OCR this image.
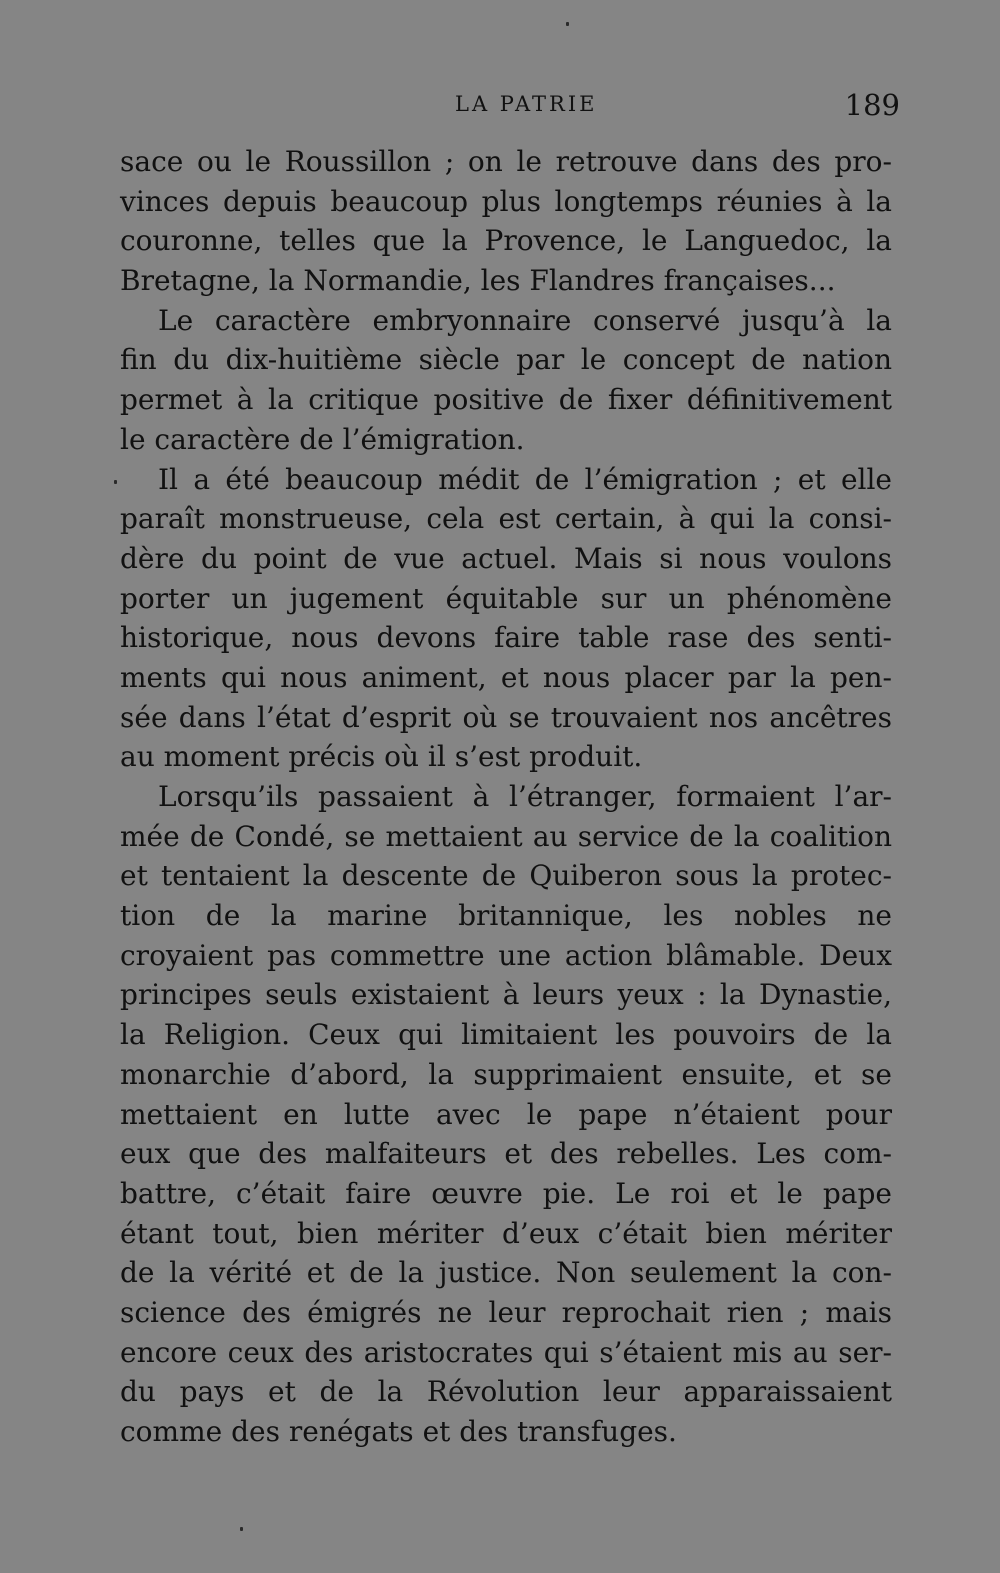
LA PATRIE	189
sace ou le Roussillon ; on le retrouve dans des pro-
vinces depuis beaucoup plus longtemps réunies à la
couronne, telles que la Provence, le Languedoc, la
Bretagne, la Normandie, les Flandres françaises...
Le caractère embryonnaire conservé jusqu’à la
fin du dix-huitième siècle par le concept de nation
permet à la critique positive de fixer définitivement
le caractère de l’émigration.
Il a été beaucoup médit de l’émigration ; et elle
paraît monstrueuse, cela est certain, à qui la consi-
dère du point de vue actuel. Mais si nous voulons
porter un jugement équitable sur un phénomène
historique, nous devons faire table rase des senti-
ments qui nous animent, et nous placer par la pen-
sée dans l’état d’esprit où se trouvaient nos ancêtres
au moment précis où il s’est produit.
Lorsqu’ils passaient à l’étranger, formaient l’ar-
mée de Condé, se mettaient au service de la coalition
et tentaient la descente de Quiberon sous la protec-
tion de la marine britannique, les nobles ne
croyaient pas commettre une action blâmable. Deux
principes seuls existaient à leurs yeux : la Dynastie,
la Religion. Ceux qui limitaient les pouvoirs de la
monarchie d’abord, la supprimaient ensuite, et se
mettaient en lutte avec le pape n’étaient pour
eux que des malfaiteurs et des rebelles. Les com-
battre, c’était faire œuvre pie. Le roi et le pape
étant tout, bien mériter d’eux c’était bien mériter
de la vérité et de la justice. Non seulement la con-
science des émigrés ne leur reprochait rien ; mais
encore ceux des aristocrates qui s’étaient mis au ser-
du pays et de la Révolution leur apparaissaient
comme des renégats et des transfuges.
